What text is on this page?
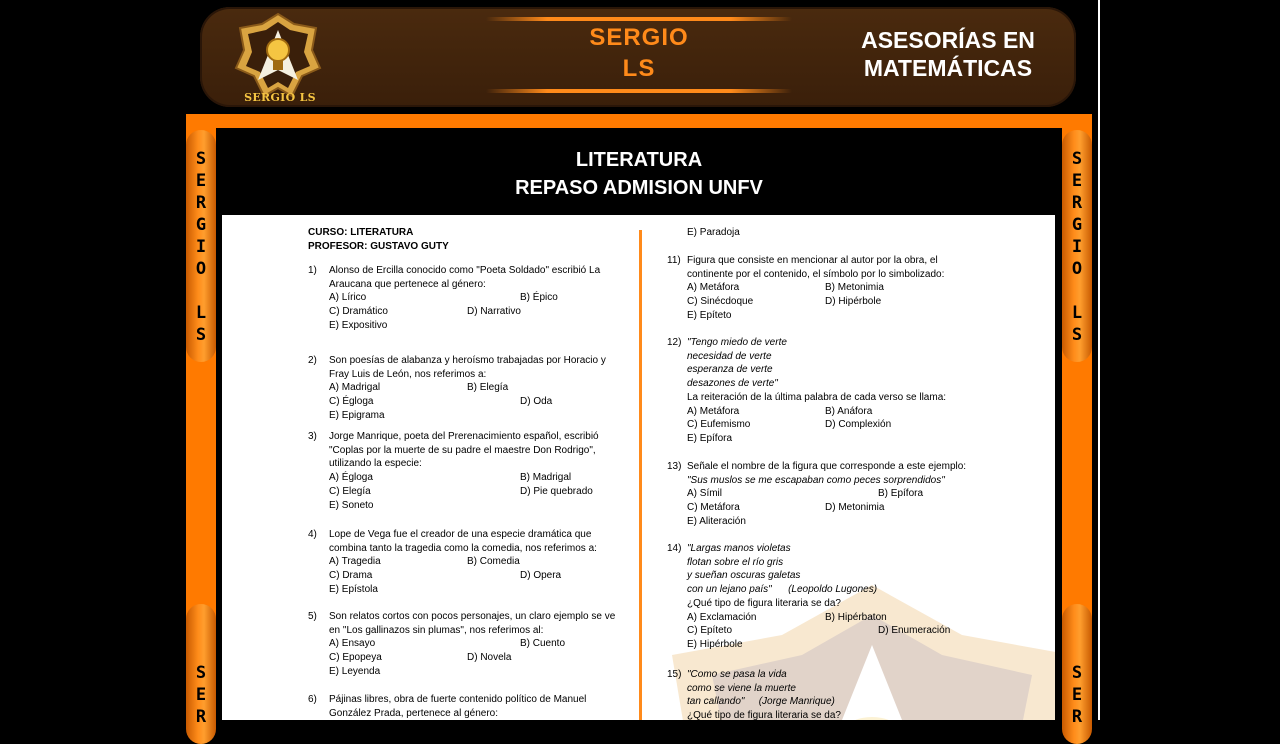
SERGIO LS
SERGIO
LS
ASESORÍAS EN
MATEMÁTICAS
S
E
R
G
I
O

L
S
S
E
R
G
I
O

L
S
S
E
R
S
E
R
LITERATURA
REPASO ADMISION UNFV

CURSO: LITERATURA

PROFESOR: GUSTAVO GUTY

1) Alonso de Ercilla conocido como "Poeta Soldado" escribió La
Araucana que pertenece al género:
A) Lírico	B) Épico
C) Dramático	D) Narrativo
E) Expositivo
2) Son poesías de alabanza y heroísmo trabajadas por Horacio y
Fray Luis de León, nos referimos a:
A) Madrigal	B) Elegía
C) Égloga	D) Oda
E) Epigrama
3) Jorge Manrique, poeta del Prerenacimiento español, escribió
"Coplas por la muerte de su padre el maestre Don Rodrigo",
utilizando la especie:
A) Égloga	B) Madrigal
C) Elegía	D) Pie quebrado
E) Soneto
4) Lope de Vega fue el creador de una especie dramática que
combina tanto la tragedia como la comedia, nos referimos a:
A) Tragedia	B) Comedia
C) Drama	D) Opera
E) Epístola
5) Son relatos cortos con pocos personajes, un claro ejemplo se ve
en "Los gallinazos sin plumas", nos referimos al:
A) Ensayo	B) Cuento
C) Epopeya	D) Novela
E) Leyenda
6) Pájinas libres, obra de fuerte contenido político de Manuel
González Prada, pertenece al género:

E) Paradoja

11) Figura que consiste en mencionar al autor por la obra, el
continente por el contenido, el símbolo por lo simbolizado:
A) Metáfora	B) Metonimia
C) Sinécdoque	D) Hipérbole
E) Epíteto
12) "Tengo miedo de verte
necesidad de verte
esperanza de verte
desazones de verte"
La reiteración de la última palabra de cada verso se llama:
A) Metáfora	B) Anáfora
C) Eufemismo	D) Complexión
E) Epífora
13) Señale el nombre de la figura que corresponde a este ejemplo:
"Sus muslos se me escapaban como peces sorprendidos"
A) Símil	B) Epífora
C) Metáfora	D) Metonimia
E) Aliteración
14) "Largas manos violetas
flotan sobre el río gris
y sueñan oscuras galetas
con un lejano país" (Leopoldo Lugones)
¿Qué tipo de figura literaria se da?
A) Exclamación	B) Hipérbaton
C) Epíteto	D) Enumeración
E) Hipérbole
15) "Como se pasa la vida
como se viene la muerte
tan callando" (Jorge Manrique)
¿Qué tipo de figura literaria se da?
